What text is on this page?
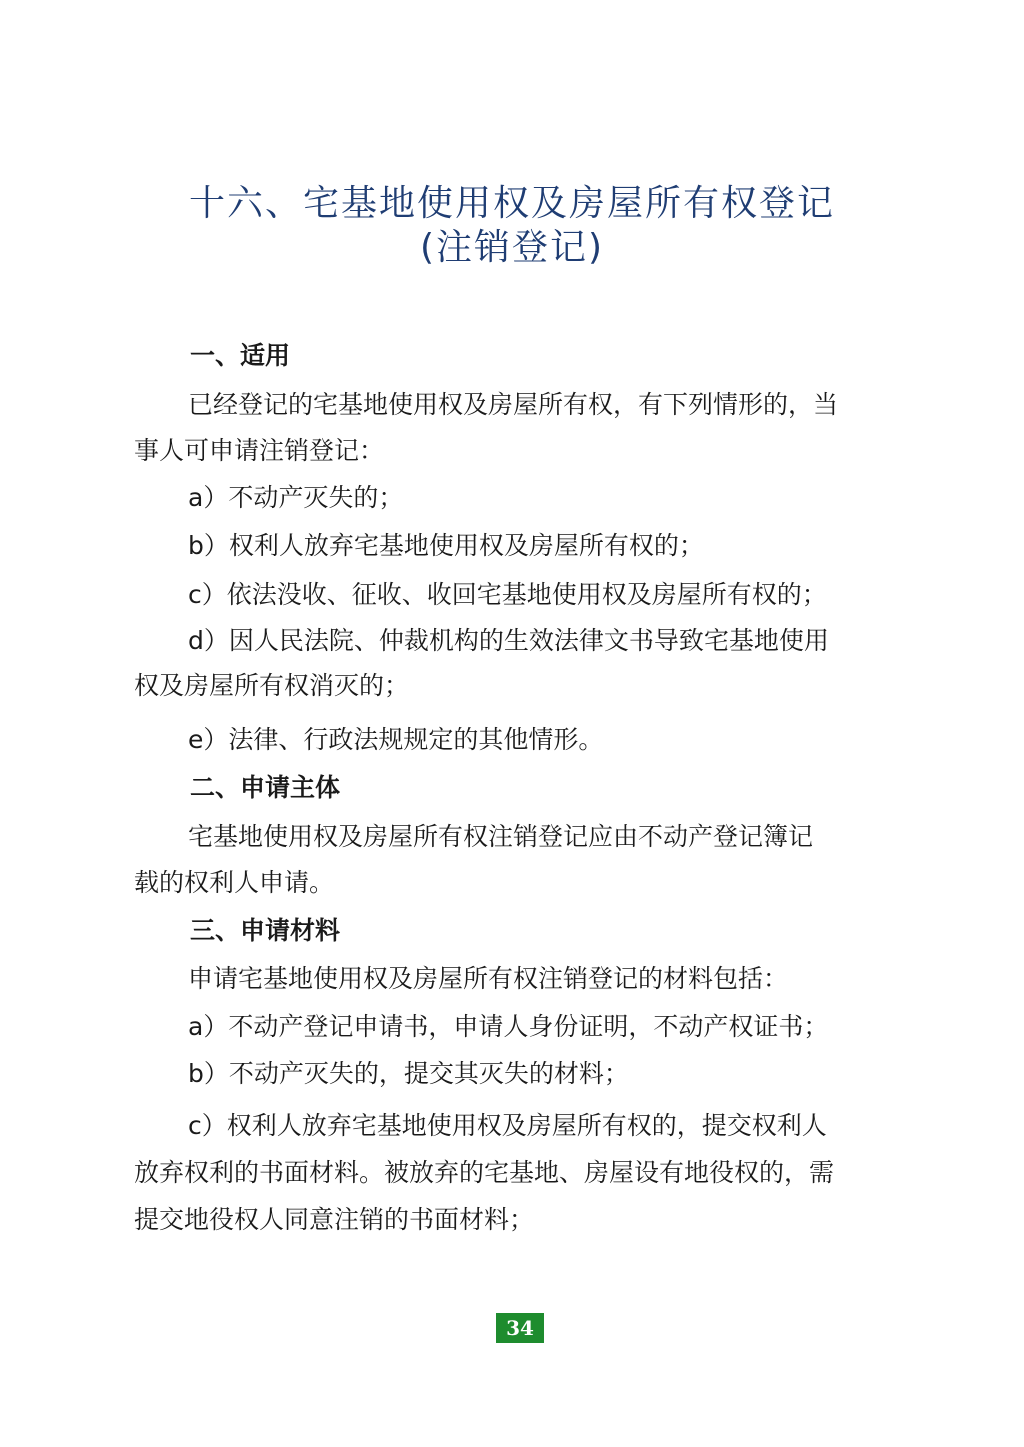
十六、宅基地使用权及房屋所有权登记
(注销登记)
一、适用
已经登记的宅基地使用权及房屋所有权，有下列情形的，当
事人可申请注销登记：
a）不动产灭失的；
b）权利人放弃宅基地使用权及房屋所有权的；
c）依法没收、征收、收回宅基地使用权及房屋所有权的；
d）因人民法院、仲裁机构的生效法律文书导致宅基地使用
权及房屋所有权消灭的；
e）法律、行政法规规定的其他情形。
二、申请主体
宅基地使用权及房屋所有权注销登记应由不动产登记簿记
载的权利人申请。
三、申请材料
申请宅基地使用权及房屋所有权注销登记的材料包括：
a）不动产登记申请书，申请人身份证明，不动产权证书；
b）不动产灭失的，提交其灭失的材料；
c）权利人放弃宅基地使用权及房屋所有权的，提交权利人
放弃权利的书面材料。被放弃的宅基地、房屋设有地役权的，需
提交地役权人同意注销的书面材料；
34
